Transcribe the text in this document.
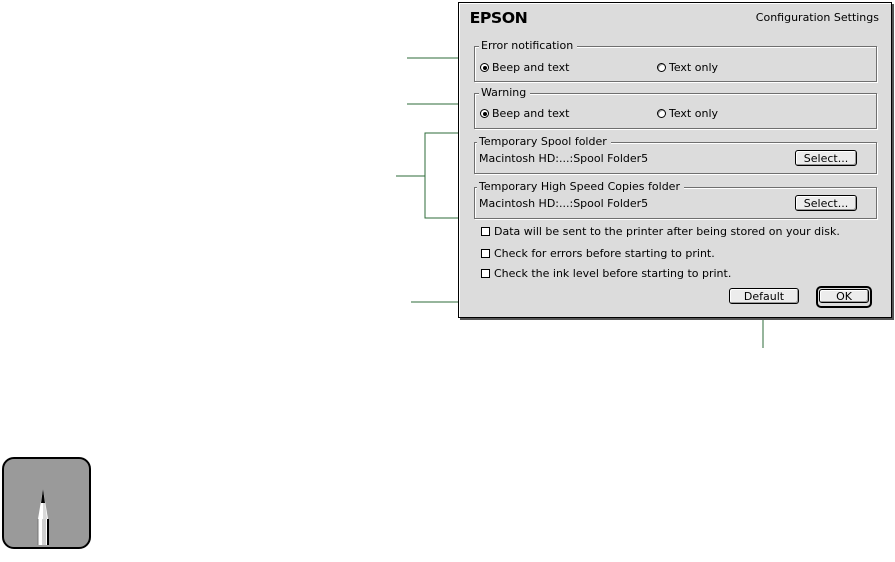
EPSON	Configuration Settings
Error notification
Beep and text	Text only
Warning
Beep and text	Text only
Temporary Spool folder
Macintosh HD:...:Spool Folder5	Select...
Temporary High Speed Copies folder
Macintosh HD:...:Spool Folder5	Select...
Data will be sent to the printer after being stored on your disk.
Check for errors before starting to print.
Check the ink level before starting to print.
Default	OK
